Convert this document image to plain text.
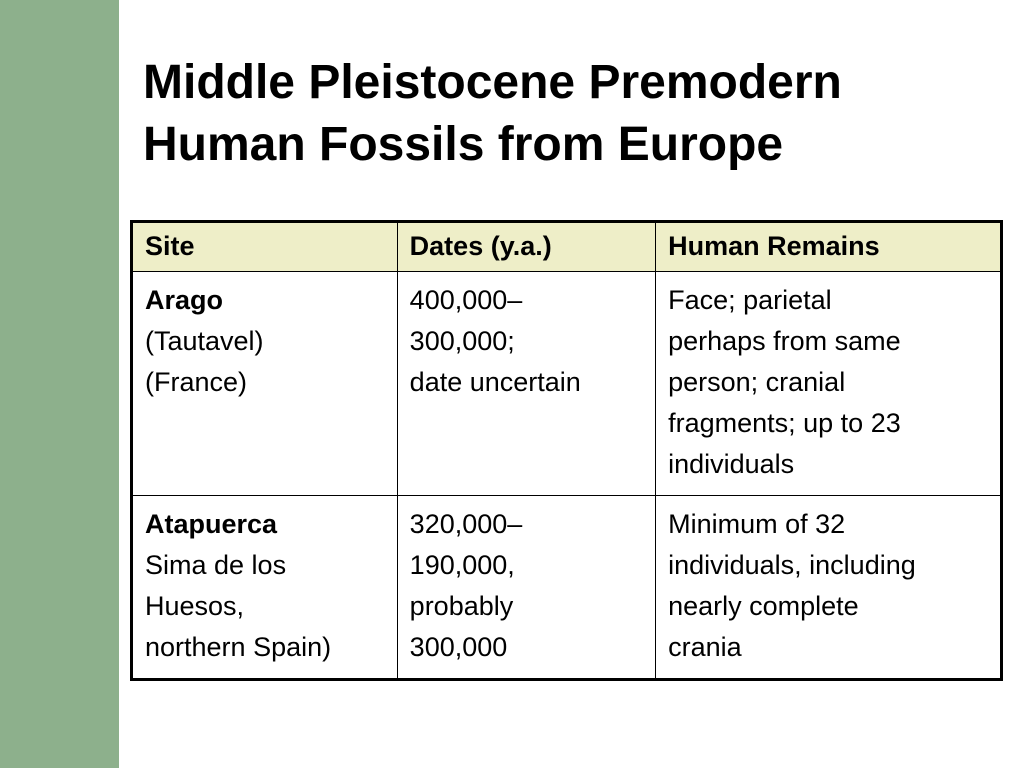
Middle Pleistocene Premodern
Human Fossils from Europe
Site	Dates (y.a.)	Human Remains

Arago
(Tautavel)
(France)	400,000–
300,000;
date uncertain	Face; parietal
perhaps from same
person; cranial
fragments; up to 23
individuals

Atapuerca
Sima de los
Huesos,
northern Spain)	320,000–
190,000,
probably
300,000	Minimum of 32
individuals, including
nearly complete
crania
